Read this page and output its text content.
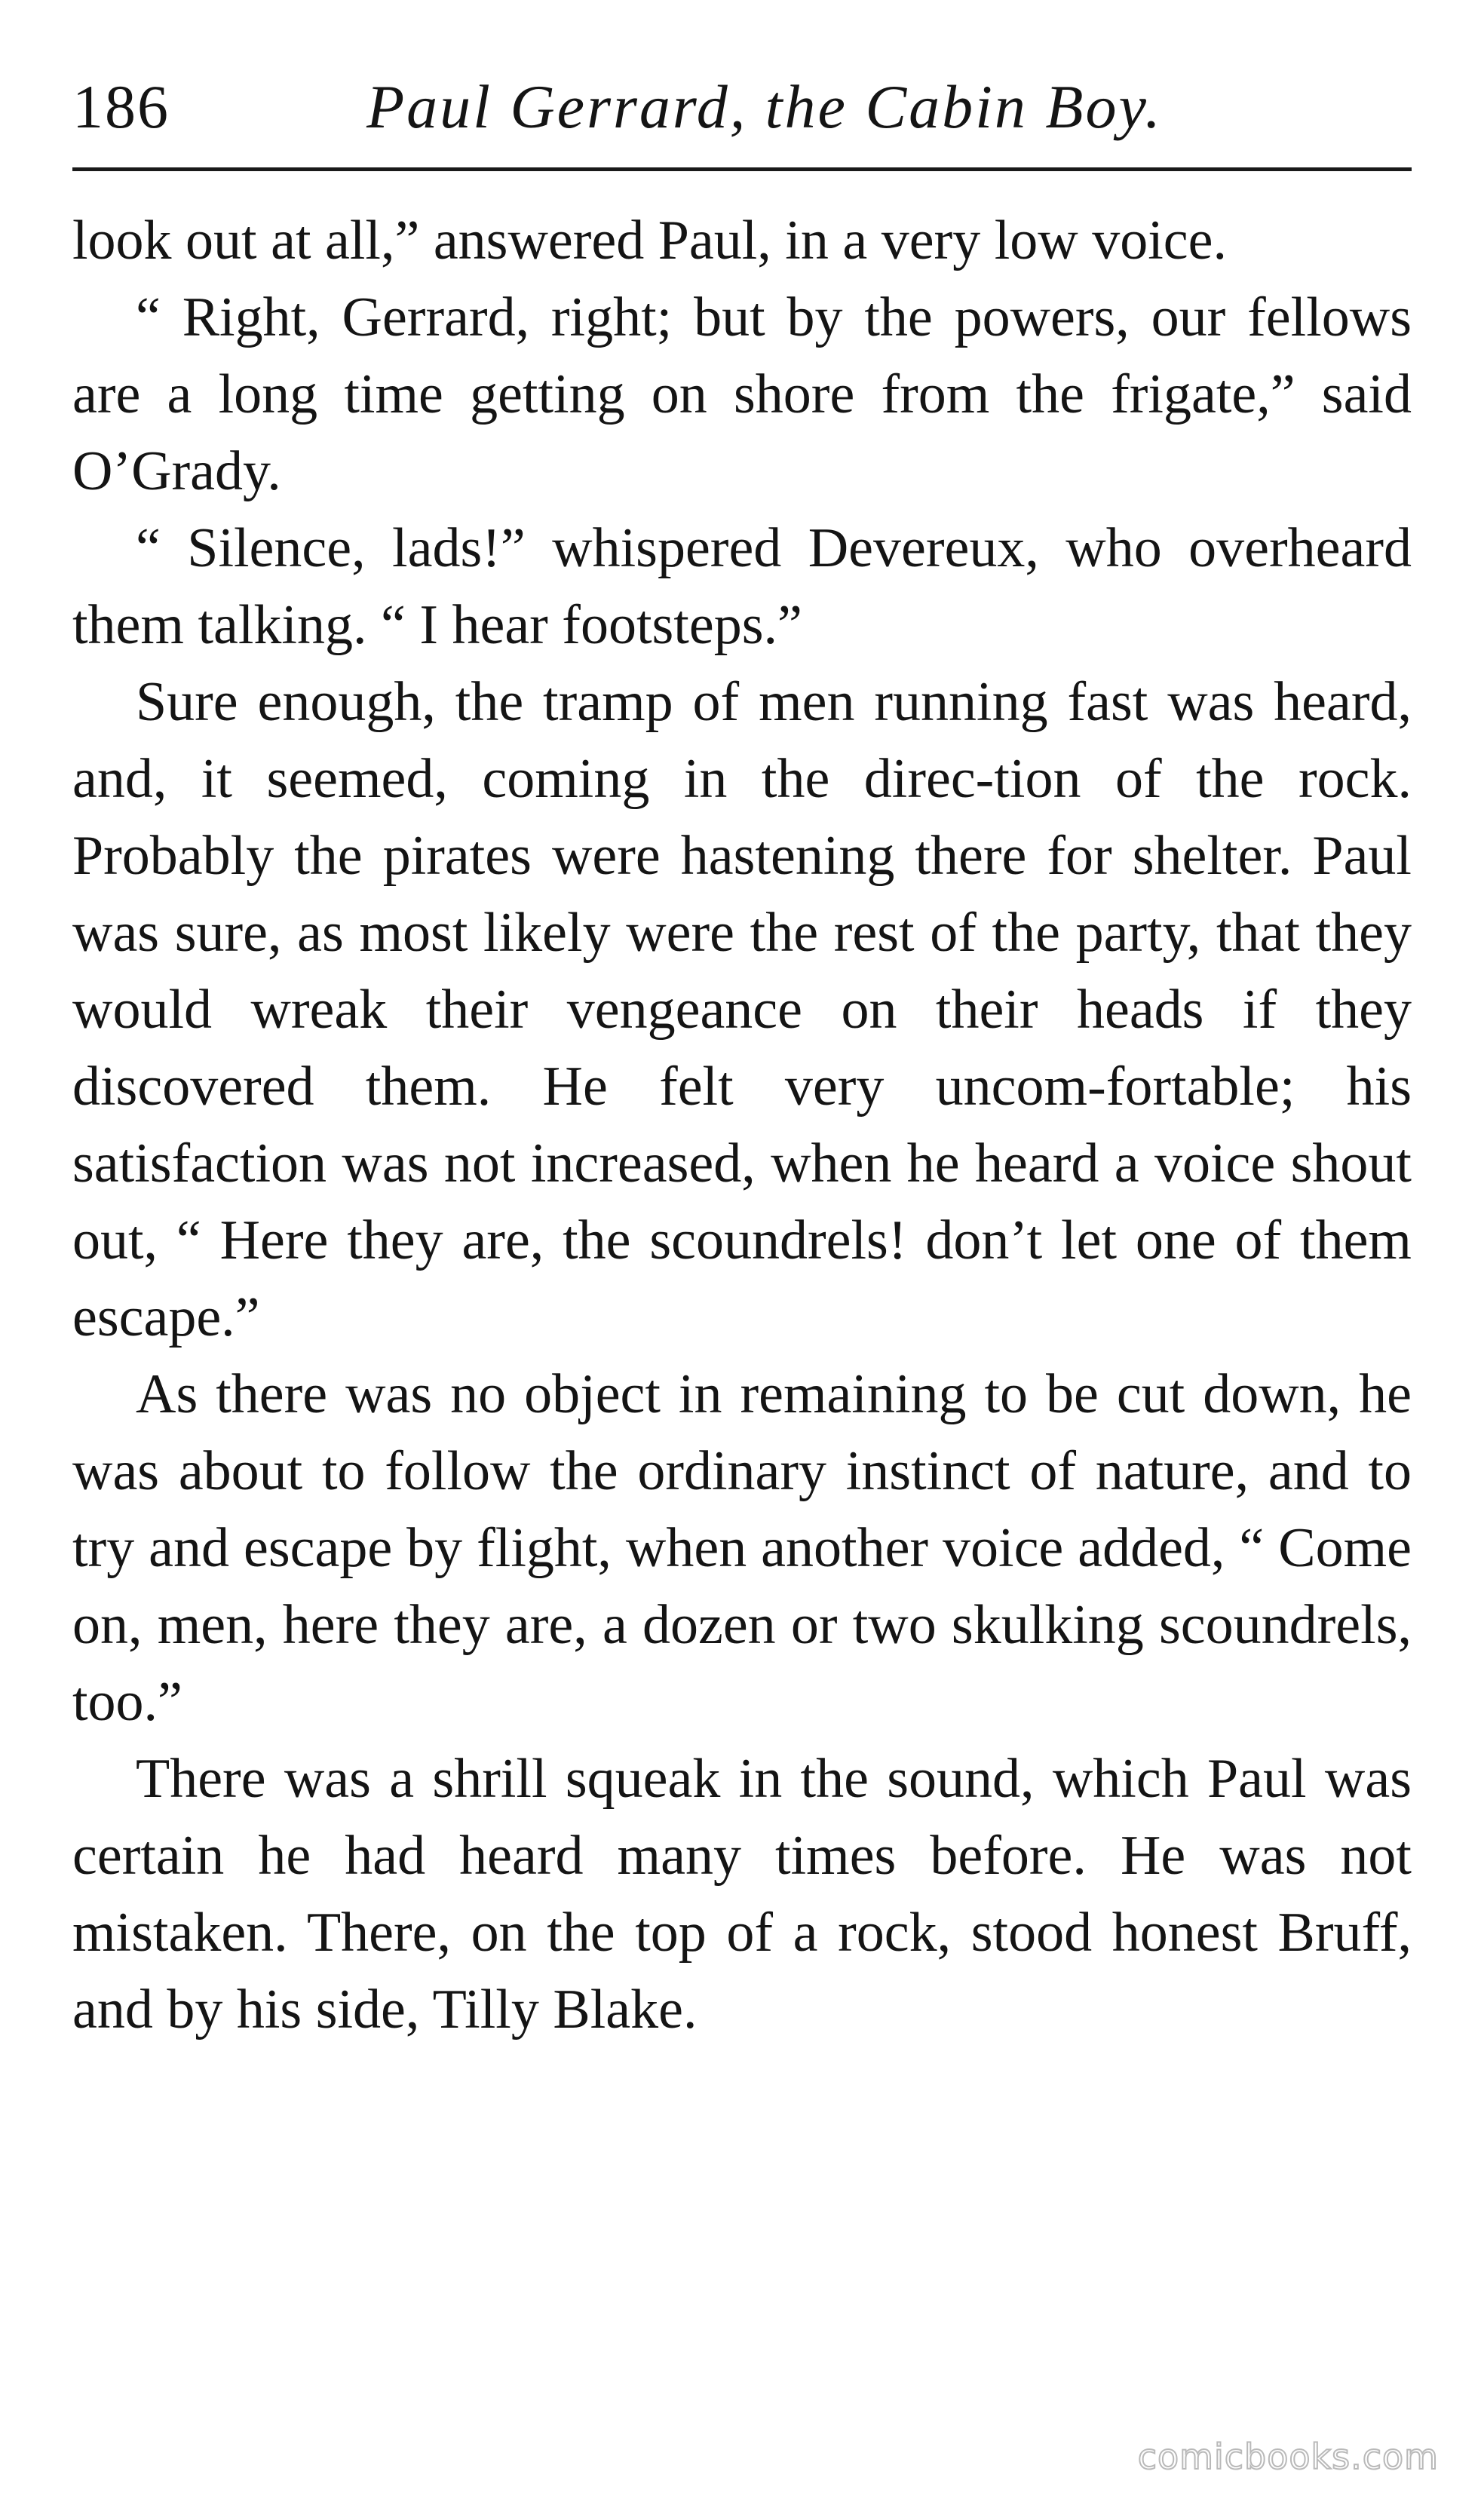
186	Paul Gerrard, the Cabin Boy.

look out at all,” answered Paul, in a very low voice.

“ Right, Gerrard, right; but by the powers, our fellows are a long time getting on shore from the frigate,” said O’Grady.

“ Silence, lads!” whispered Devereux, who overheard them talking. “ I hear footsteps.”

Sure enough, the tramp of men running fast was heard, and, it seemed, coming in the direc-tion of the rock. Probably the pirates were hastening there for shelter. Paul was sure, as most likely were the rest of the party, that they would wreak their vengeance on their heads if they discovered them. He felt very uncom-fortable; his satisfaction was not increased, when he heard a voice shout out, “ Here they are, the scoundrels! don’t let one of them escape.”

As there was no object in remaining to be cut down, he was about to follow the ordinary instinct of nature, and to try and escape by flight, when another voice added, “ Come on, men, here they are, a dozen or two skulking scoundrels, too.”

There was a shrill squeak in the sound, which Paul was certain he had heard many times before. He was not mistaken. There, on the top of a rock, stood honest Bruff, and by his side, Tilly Blake.

comicbooks.com
